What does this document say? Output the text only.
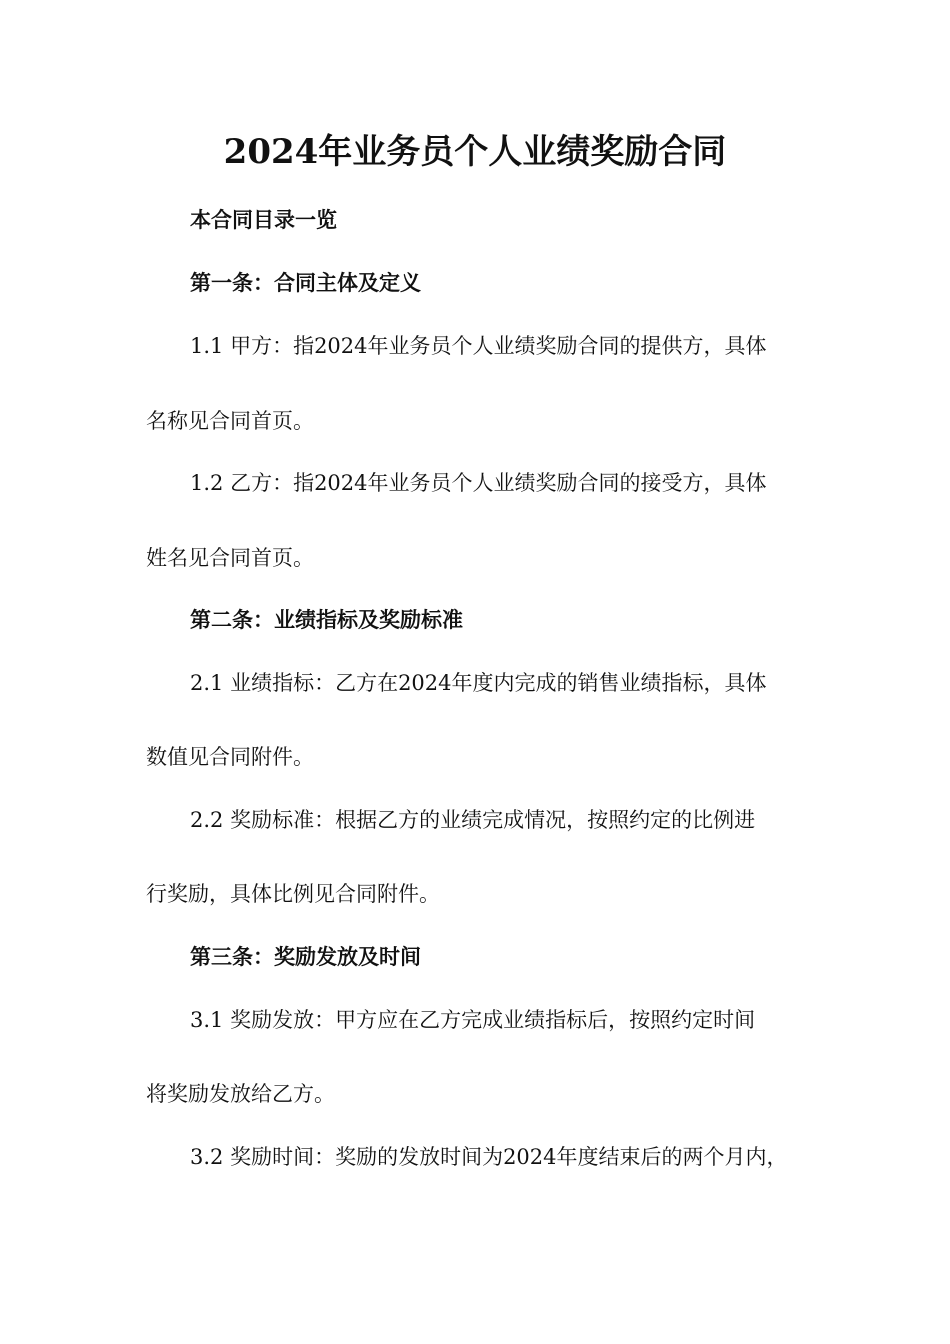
2024年业务员个人业绩奖励合同
本合同目录一览
第一条：合同主体及定义
1.1 甲方：指2024年业务员个人业绩奖励合同的提供方，具体
名称见合同首页。
1.2 乙方：指2024年业务员个人业绩奖励合同的接受方，具体
姓名见合同首页。
第二条：业绩指标及奖励标准
2.1 业绩指标：乙方在2024年度内完成的销售业绩指标，具体
数值见合同附件。
2.2 奖励标准：根据乙方的业绩完成情况，按照约定的比例进
行奖励，具体比例见合同附件。
第三条：奖励发放及时间
3.1 奖励发放：甲方应在乙方完成业绩指标后，按照约定时间
将奖励发放给乙方。
3.2 奖励时间：奖励的发放时间为2024年度结束后的两个月内，
